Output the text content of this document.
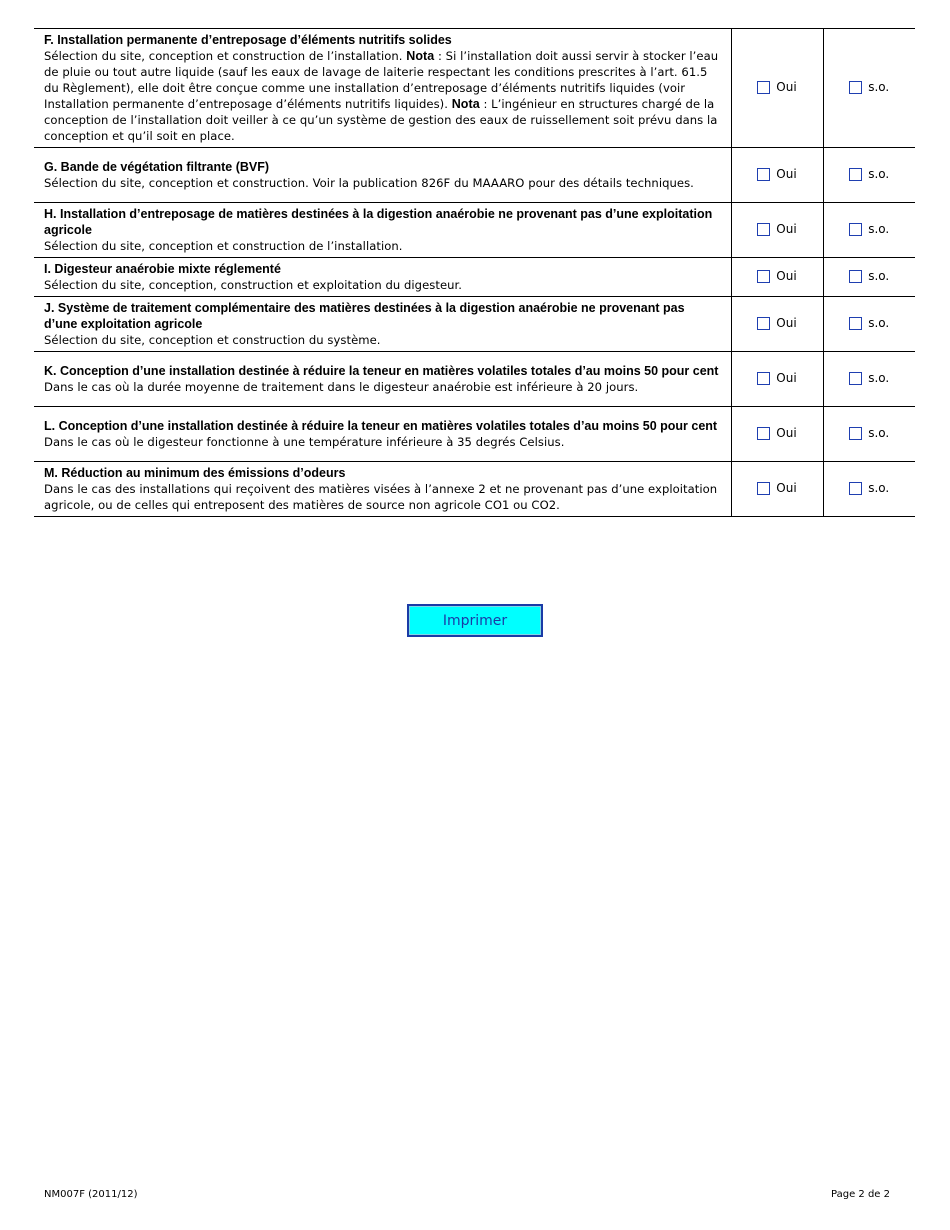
F. Installation permanente d’entreposage d’éléments nutritifs solides
Sélection du site, conception et construction de l’installation. Nota : Si l’installation doit aussi servir à stocker l’eau de pluie ou tout autre liquide (sauf les eaux de lavage de laiterie respectant les conditions prescrites à l’art. 61.5 du Règlement), elle doit être conçue comme une installation d’entreposage d’éléments nutritifs liquides (voir Installation permanente d’entreposage d’éléments nutritifs liquides). Nota : L’ingénieur en structures chargé de la conception de l’installation doit veiller à ce qu’un système de gestion des eaux de ruissellement soit prévu dans la conception et qu’il soit en place.	Oui	s.o.

G. Bande de végétation filtrante (BVF)
Sélection du site, conception et construction. Voir la publication 826F du MAAARO pour des détails techniques.	Oui	s.o.

H. Installation d’entreposage de matières destinées à la digestion anaérobie ne provenant pas d’une exploitation agricole
Sélection du site, conception et construction de l’installation.	Oui	s.o.

I. Digesteur anaérobie mixte réglementé
Sélection du site, conception, construction et exploitation du digesteur.	Oui	s.o.

J. Système de traitement complémentaire des matières destinées à la digestion anaérobie ne provenant pas d’une exploitation agricole
Sélection du site, conception et construction du système.	Oui	s.o.

K. Conception d’une installation destinée à réduire la teneur en matières volatiles totales d’au moins 50 pour cent
Dans le cas où la durée moyenne de traitement dans le digesteur anaérobie est inférieure à 20 jours.	Oui	s.o.

L. Conception d’une installation destinée à réduire la teneur en matières volatiles totales d’au moins 50 pour cent
Dans le cas où le digesteur fonctionne à une température inférieure à 35 degrés Celsius.	Oui	s.o.

M. Réduction au minimum des émissions d’odeurs
Dans le cas des installations qui reçoivent des matières visées à l’annexe 2 et ne provenant pas d’une exploitation agricole, ou de celles qui entreposent des matières de source non agricole CO1 ou CO2.	Oui	s.o.
Imprimer
NM007F (2011/12)	Page 2 de 2
